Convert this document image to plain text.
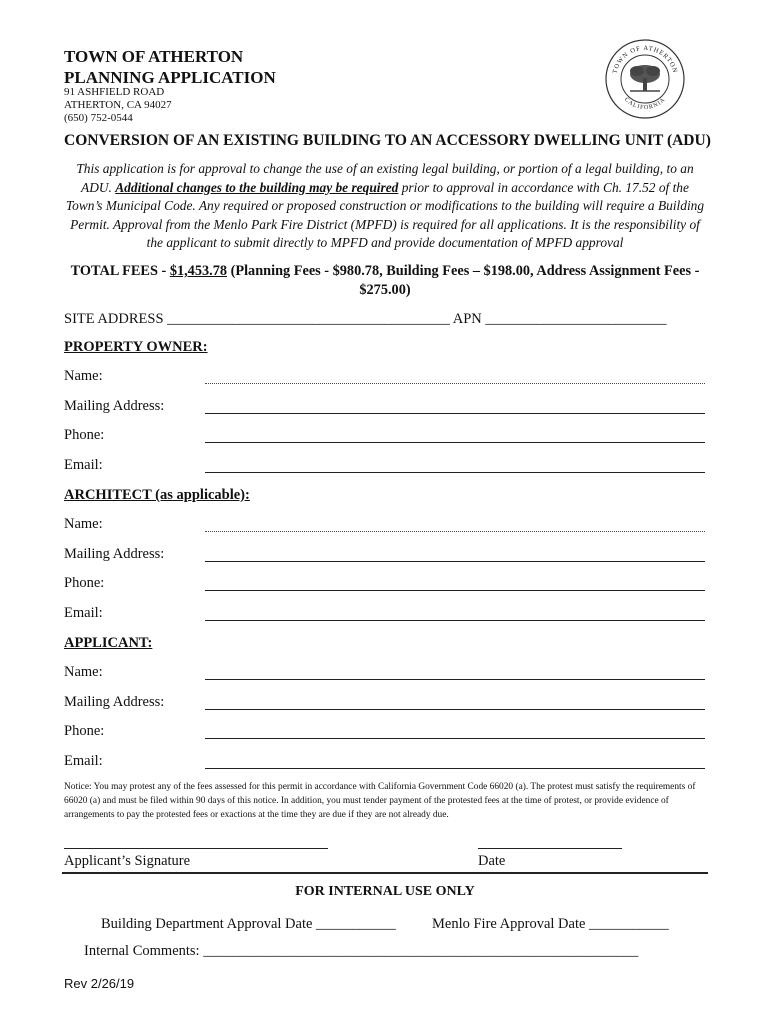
TOWN OF ATHERTON
PLANNING APPLICATION
91 ASHFIELD ROAD
ATHERTON, CA 94027
(650) 752-0544
TOWN OF ATHERTON
CALIFORNIA
CONVERSION OF AN EXISTING BUILDING TO AN ACCESSORY DWELLING UNIT (ADU)
This application is for approval to change the use of an existing legal building, or portion of a legal building, to an ADU. Additional changes to the building may be required prior to approval in accordance with Ch. 17.52 of the Town’s Municipal Code. Any required or proposed construction or modifications to the building will require a Building Permit. Approval from the Menlo Park Fire District (MPFD) is required for all applications. It is the responsibility of the applicant to submit directly to MPFD and provide documentation of MPFD approval
TOTAL FEES - $1,453.78 (Planning Fees - $980.78, Building Fees – $198.00, Address Assignment Fees - $275.00)
SITE ADDRESS _______________________________________ APN _________________________
PROPERTY OWNER:
Name:
Mailing Address:
Phone:
Email:
ARCHITECT (as applicable):
Name:
Mailing Address:
Phone:
Email:
APPLICANT:
Name:
Mailing Address:
Phone:
Email:
Notice: You may protest any of the fees assessed for this permit in accordance with California Government Code 66020 (a). The protest must satisfy the requirements of 66020 (a) and must be filed within 90 days of this notice. In addition, you must tender payment of the protested fees at the time of protest, or provide evidence of arrangements to pay the protested fees or exactions at the time they are due if they are not already due.
Applicant’s Signature	Date
FOR INTERNAL USE ONLY
Building Department Approval Date ___________ Menlo Fire Approval Date ___________
Internal Comments: ____________________________________________________________
Rev 2/26/19
